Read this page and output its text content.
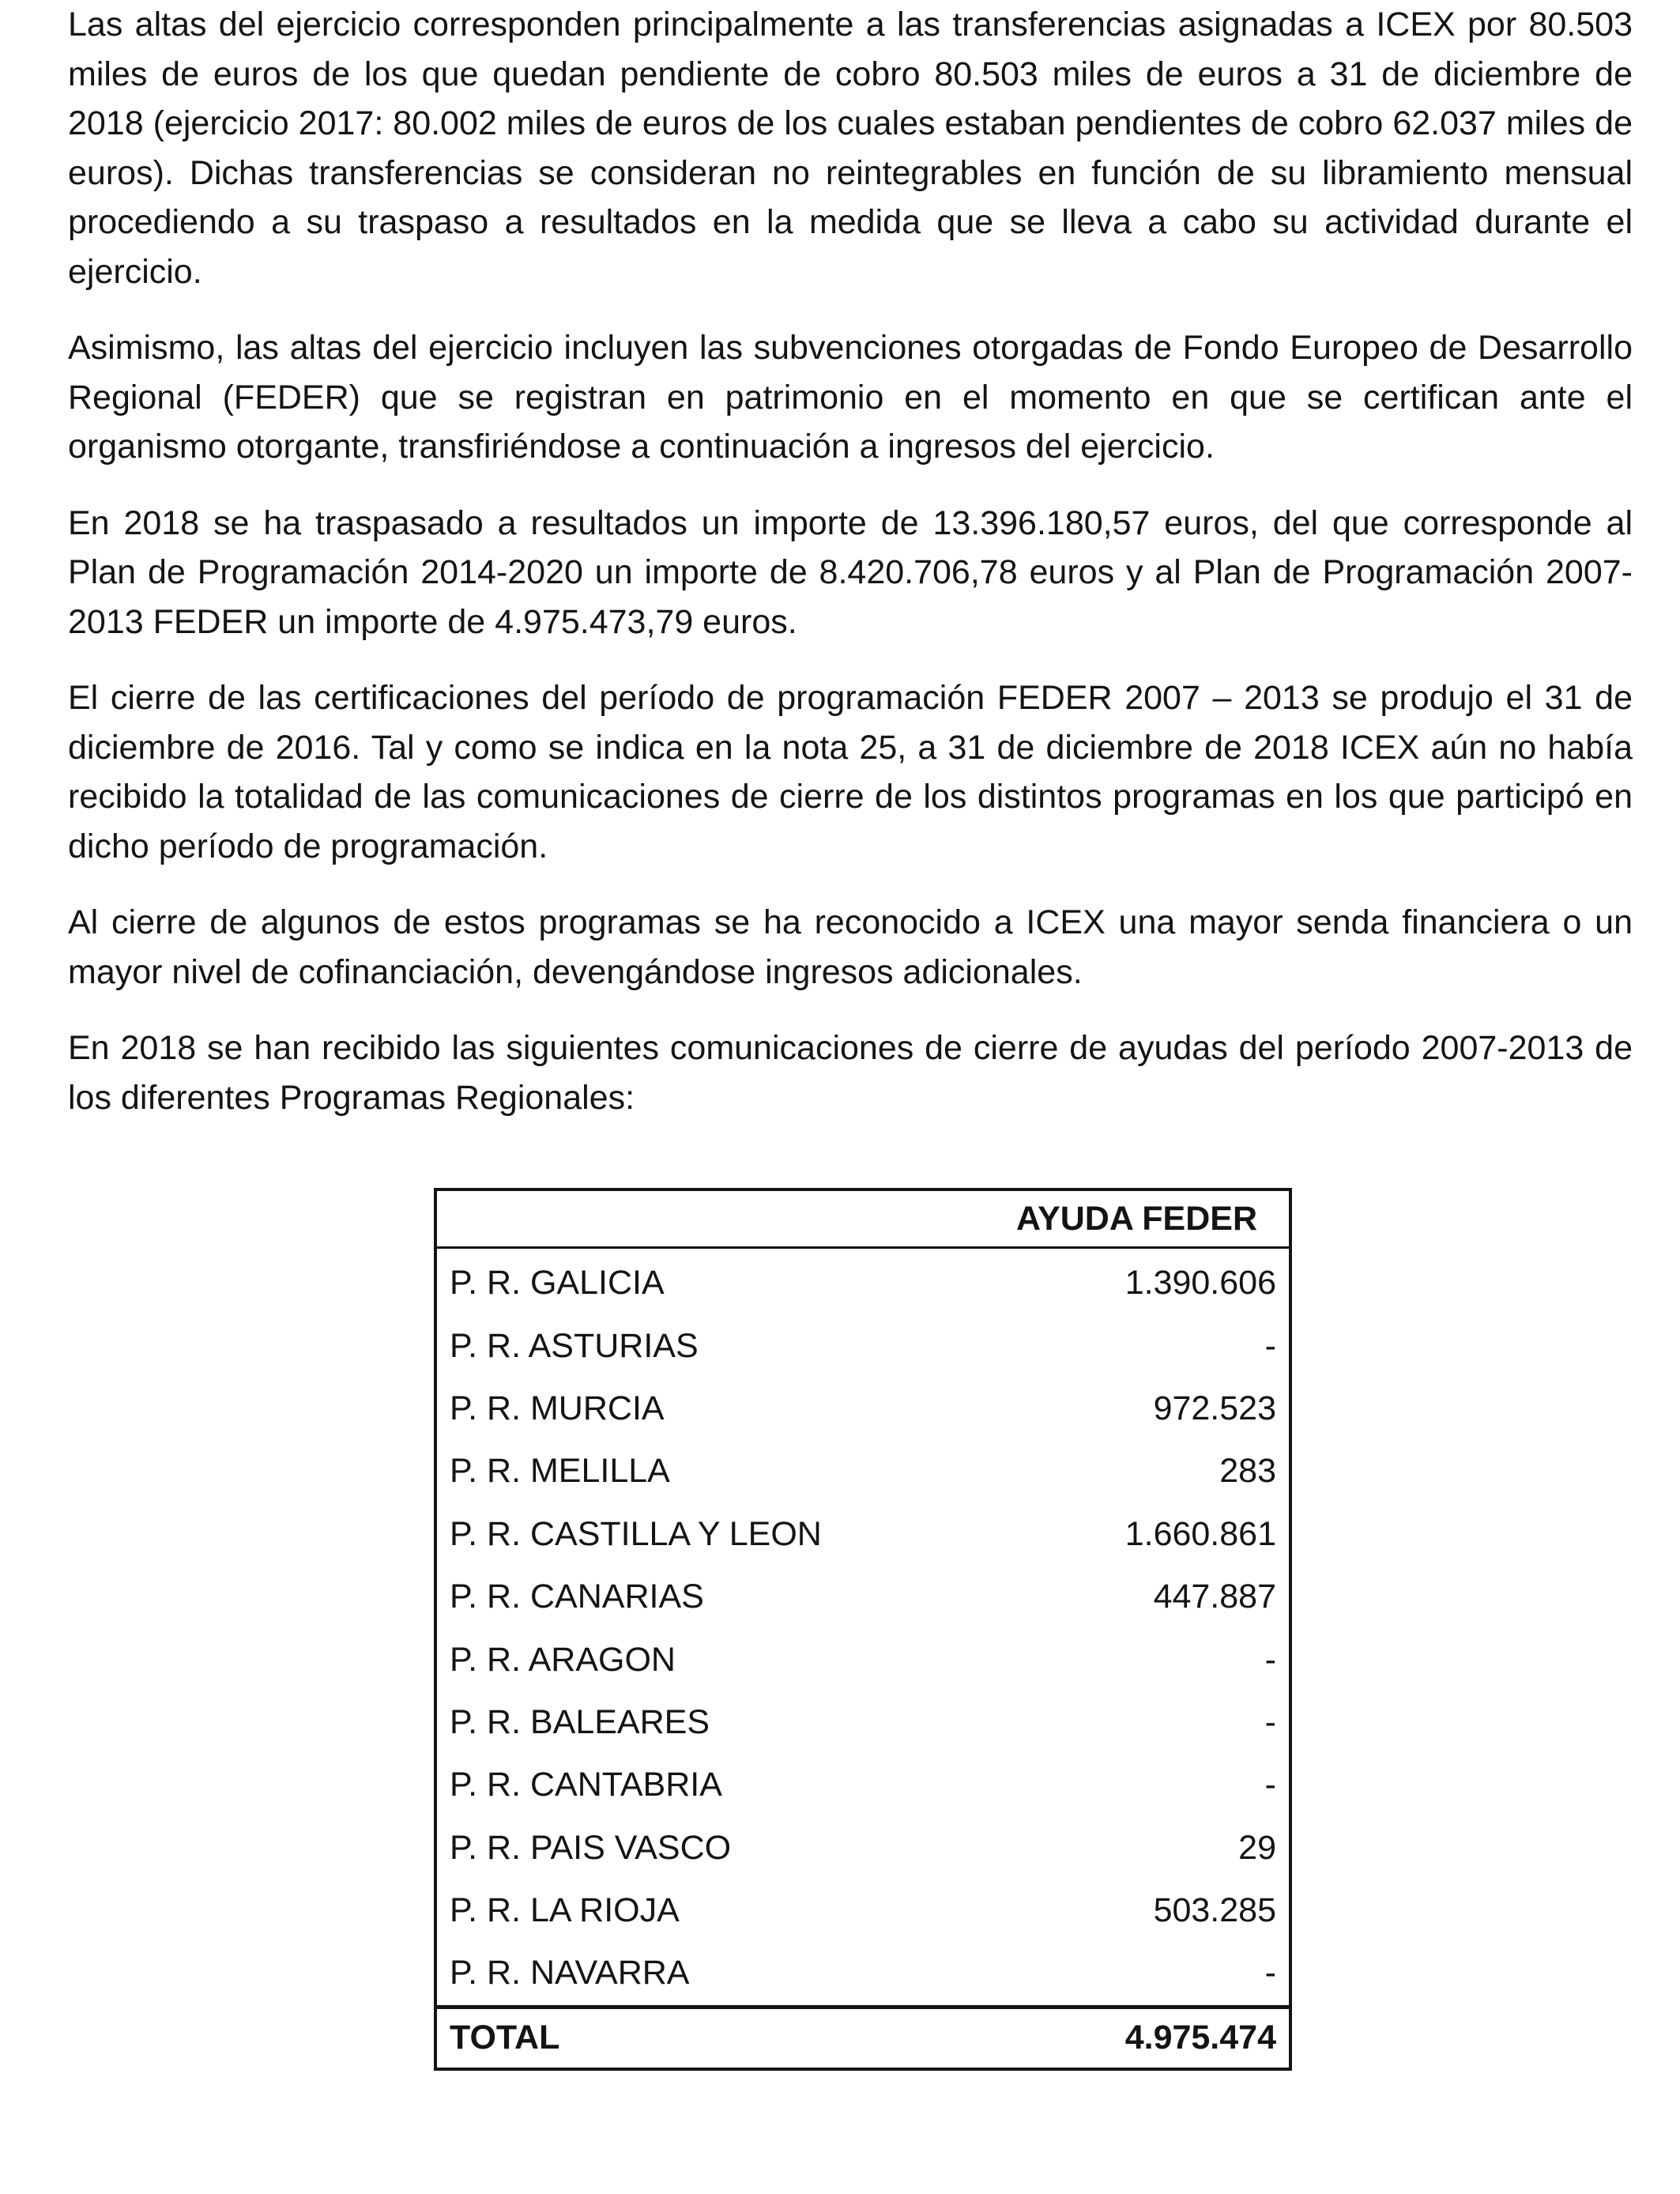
Las altas del ejercicio corresponden principalmente a las transferencias asignadas a ICEX por 80.503 miles de euros de los que quedan pendiente de cobro 80.503 miles de euros a 31 de diciembre de 2018 (ejercicio 2017: 80.002 miles de euros de los cuales estaban pendientes de cobro 62.037 miles de euros). Dichas transferencias se consideran no reintegrables en función de su libramiento mensual procediendo a su traspaso a resultados en la medida que se lleva a cabo su actividad durante el ejercicio.

Asimismo, las altas del ejercicio incluyen las subvenciones otorgadas de Fondo Europeo de Desarrollo Regional (FEDER) que se registran en patrimonio en el momento en que se certifican ante el organismo otorgante, transfiriéndose a continuación a ingresos del ejercicio.

En 2018 se ha traspasado a resultados un importe de 13.396.180,57 euros, del que corresponde al Plan de Programación 2014-2020 un importe de 8.420.706,78 euros y al Plan de Programación 2007-2013 FEDER un importe de 4.975.473,79 euros.

El cierre de las certificaciones del período de programación FEDER 2007 – 2013 se produjo el 31 de diciembre de 2016. Tal y como se indica en la nota 25, a 31 de diciembre de 2018 ICEX aún no había recibido la totalidad de las comunicaciones de cierre de los distintos programas en los que participó en dicho período de programación.

Al cierre de algunos de estos programas se ha reconocido a ICEX una mayor senda financiera o un mayor nivel de cofinanciación, devengándose ingresos adicionales.

En 2018 se han recibido las siguientes comunicaciones de cierre de ayudas del período 2007-2013 de los diferentes Programas Regionales:

	AYUDA FEDER
P. R. GALICIA	1.390.606
P. R. ASTURIAS	-
P. R. MURCIA	972.523
P. R. MELILLA	283
P. R. CASTILLA Y LEON	1.660.861
P. R. CANARIAS	447.887
P. R. ARAGON	-
P. R. BALEARES	-
P. R. CANTABRIA	-
P. R. PAIS VASCO	29
P. R. LA RIOJA	503.285
P. R. NAVARRA	-
TOTAL	4.975.474
